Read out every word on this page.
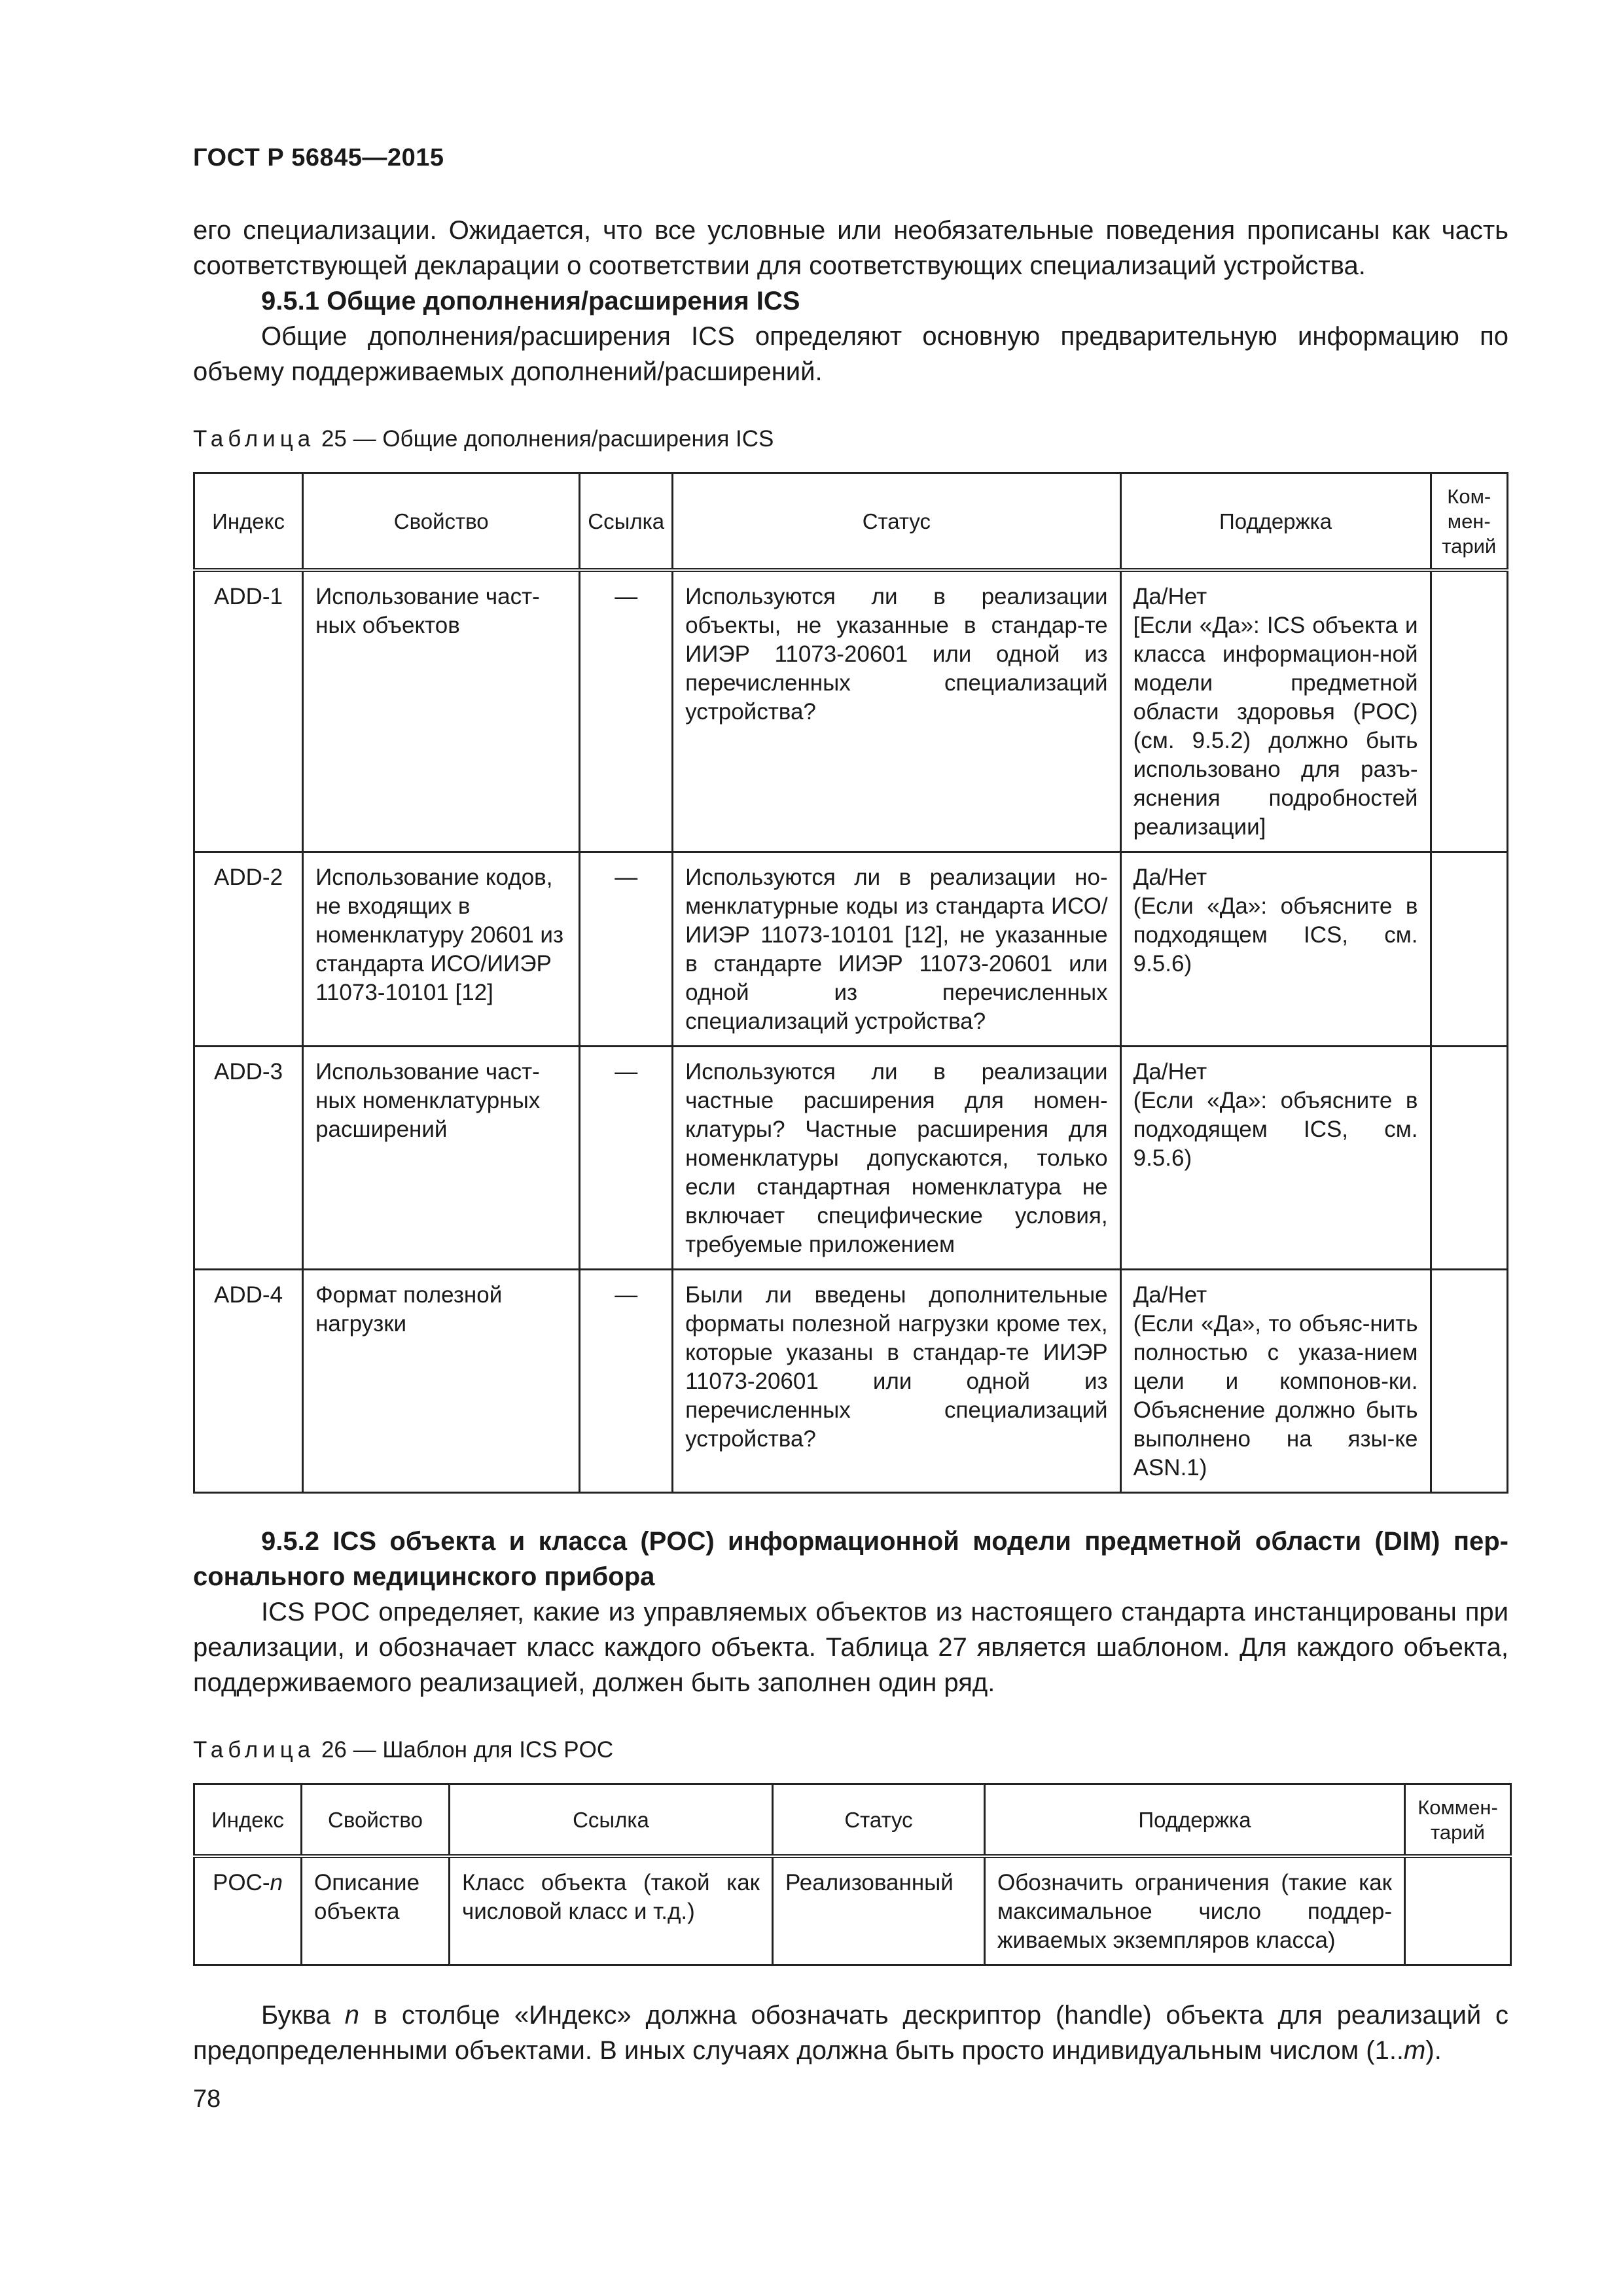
ГОСТ Р 56845—2015

его специализации. Ожидается, что все условные или необязательные поведения прописаны как часть соответствующей декларации о соответствии для соответствующих специализаций устройства.

9.5.1 Общие дополнения/расширения ICS

Общие дополнения/расширения ICS определяют основную предварительную информацию по объему поддерживаемых дополнений/расширений.

Таблица 25 — Общие дополнения/расширения ICS
Индекс	Свойство	Ссылка	Статус	Поддержка	Ком-мен-тарий
ADD-1	Использование част-ных объектов	—	Используются ли в реализации объекты, не указанные в стандар-те ИИЭР 11073-20601 или одной из перечисленных специализаций устройства?	Да/Нет
[Если «Да»: ICS объекта и класса информацион-ной модели предметной области здоровья (POC) (см. 9.5.2) должно быть использовано для разъ-яснения подробностей реализации]	

ADD-2	Использование кодов, не входящих в номенклатуру 20601 из стандарта ИСО/ИИЭР 11073-10101 [12]	—	Используются ли в реализации но-менклатурные коды из стандарта ИСО/ИИЭР 11073-10101 [12], не указанные в стандарте ИИЭР 11073-20601 или одной из перечисленных специализаций устройства?	Да/Нет
(Если «Да»: объясните в подходящем ICS, см. 9.5.6)	

ADD-3	Использование част-ных номенклатурных расширений	—	Используются ли в реализации частные расширения для номен-клатуры? Частные расширения для номенклатуры допускаются, только если стандартная номенклатура не включает специфические условия, требуемые приложением	Да/Нет
(Если «Да»: объясните в подходящем ICS, см. 9.5.6)	

ADD-4	Формат полезной нагрузки	—	Были ли введены дополнительные форматы полезной нагрузки кроме тех, которые указаны в стандар-те ИИЭР 11073-20601 или одной из перечисленных специализаций устройства?	Да/Нет
(Если «Да», то объяс-нить полностью с указа-нием цели и компонов-ки. Объяснение должно быть выполнено на язы-ке ASN.1)	

9.5.2 ICS объекта и класса (POC) информационной модели предметной области (DIM) пер-сонального медицинского прибора

ICS POC определяет, какие из управляемых объектов из настоящего стандарта инстанцированы при реализации, и обозначает класс каждого объекта. Таблица 27 является шаблоном. Для каждого объекта, поддерживаемого реализацией, должен быть заполнен один ряд.

Таблица 26 — Шаблон для ICS POC
Индекс	Свойство	Ссылка	Статус	Поддержка	Коммен-тарий
POC-n	Описание объекта	Класс объекта (такой как числовой класс и т.д.)	Реализованный	Обозначить ограничения (такие как максимальное число поддер-живаемых экземпляров класса)	

Буква n в столбце «Индекс» должна обозначать дескриптор (handle) объекта для реализаций с предопределенными объектами. В иных случаях должна быть просто индивидуальным числом (1..m).

78
